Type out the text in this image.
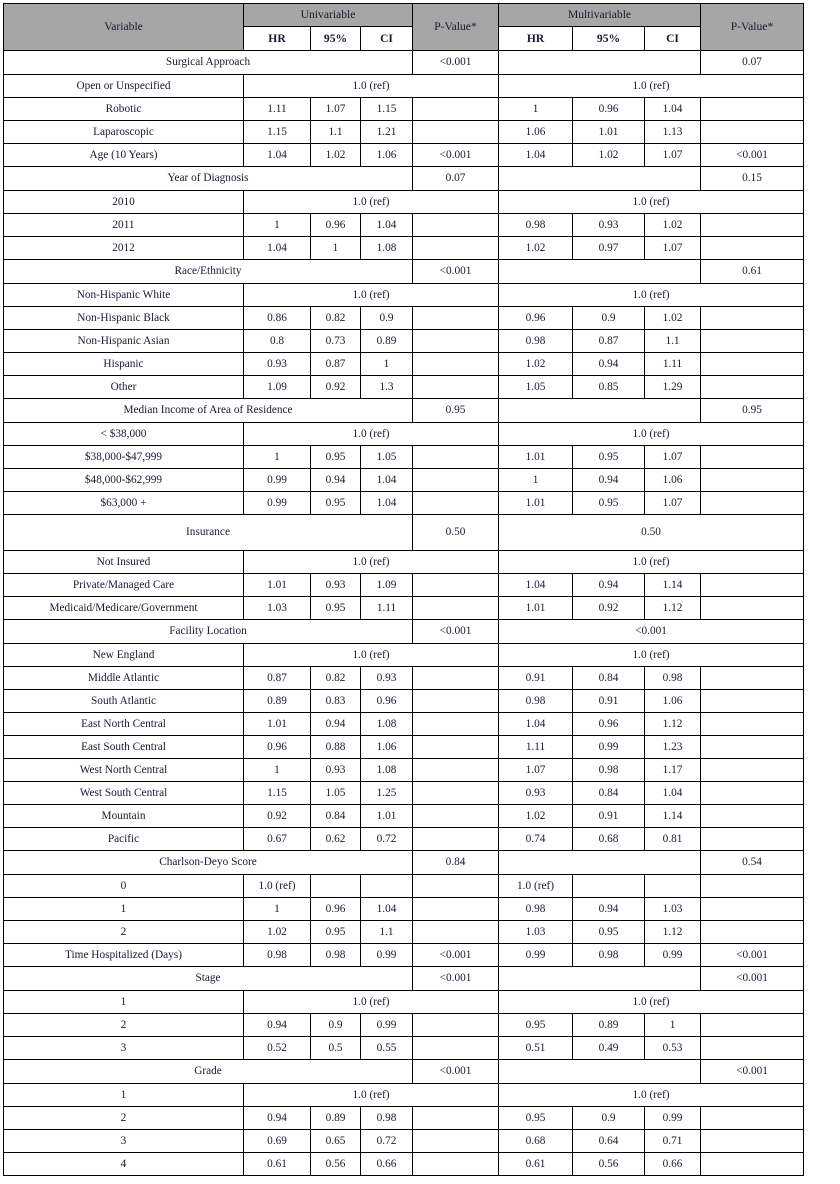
Variable	Univariable			P-Value*	Multivariable			P-Value*
	HR	95%	CI		HR	95%	CI	
Surgical Approach				<0.001				0.07
Open or Unspecified	1.0 (ref)				1.0 (ref)			
Robotic	1.11	1.07	1.15		1	0.96	1.04	
Laparoscopic	1.15	1.1	1.21		1.06	1.01	1.13	
Age (10 Years)	1.04	1.02	1.06	<0.001	1.04	1.02	1.07	<0.001
Year of Diagnosis				0.07				0.15
2010	1.0 (ref)				1.0 (ref)			
2011	1	0.96	1.04		0.98	0.93	1.02	
2012	1.04	1	1.08		1.02	0.97	1.07	
Race/Ethnicity				<0.001				0.61
Non-Hispanic White	1.0 (ref)				1.0 (ref)			
Non-Hispanic Black	0.86	0.82	0.9		0.96	0.9	1.02	
Non-Hispanic Asian	0.8	0.73	0.89		0.98	0.87	1.1	
Hispanic	0.93	0.87	1		1.02	0.94	1.11	
Other	1.09	0.92	1.3		1.05	0.85	1.29	
Median Income of Area of Residence				0.95				0.95
< $38,000	1.0 (ref)				1.0 (ref)			
$38,000-$47,999	1	0.95	1.05		1.01	0.95	1.07	
$48,000-$62,999	0.99	0.94	1.04		1	0.94	1.06	
$63,000 +	0.99	0.95	1.04		1.01	0.95	1.07	
Insurance				0.50	0.50			
Not Insured	1.0 (ref)				1.0 (ref)			
Private/Managed Care	1.01	0.93	1.09		1.04	0.94	1.14	
Medicaid/Medicare/Government	1.03	0.95	1.11		1.01	0.92	1.12	
Facility Location				<0.001	<0.001			
New England	1.0 (ref)				1.0 (ref)			
Middle Atlantic	0.87	0.82	0.93		0.91	0.84	0.98	
South Atlantic	0.89	0.83	0.96		0.98	0.91	1.06	
East North Central	1.01	0.94	1.08		1.04	0.96	1.12	
East South Central	0.96	0.88	1.06		1.11	0.99	1.23	
West North Central	1	0.93	1.08		1.07	0.98	1.17	
West South Central	1.15	1.05	1.25		0.93	0.84	1.04	
Mountain	0.92	0.84	1.01		1.02	0.91	1.14	
Pacific	0.67	0.62	0.72		0.74	0.68	0.81	
Charlson-Deyo Score				0.84				0.54
0	1.0 (ref)				1.0 (ref)			
1	1	0.96	1.04		0.98	0.94	1.03	
2	1.02	0.95	1.1		1.03	0.95	1.12	
Time Hospitalized (Days)	0.98	0.98	0.99	<0.001	0.99	0.98	0.99	<0.001
Stage				<0.001				<0.001
1	1.0 (ref)				1.0 (ref)			
2	0.94	0.9	0.99		0.95	0.89	1	
3	0.52	0.5	0.55		0.51	0.49	0.53	
Grade				<0.001				<0.001
1	1.0 (ref)				1.0 (ref)			
2	0.94	0.89	0.98		0.95	0.9	0.99	
3	0.69	0.65	0.72		0.68	0.64	0.71	
4	0.61	0.56	0.66		0.61	0.56	0.66	
